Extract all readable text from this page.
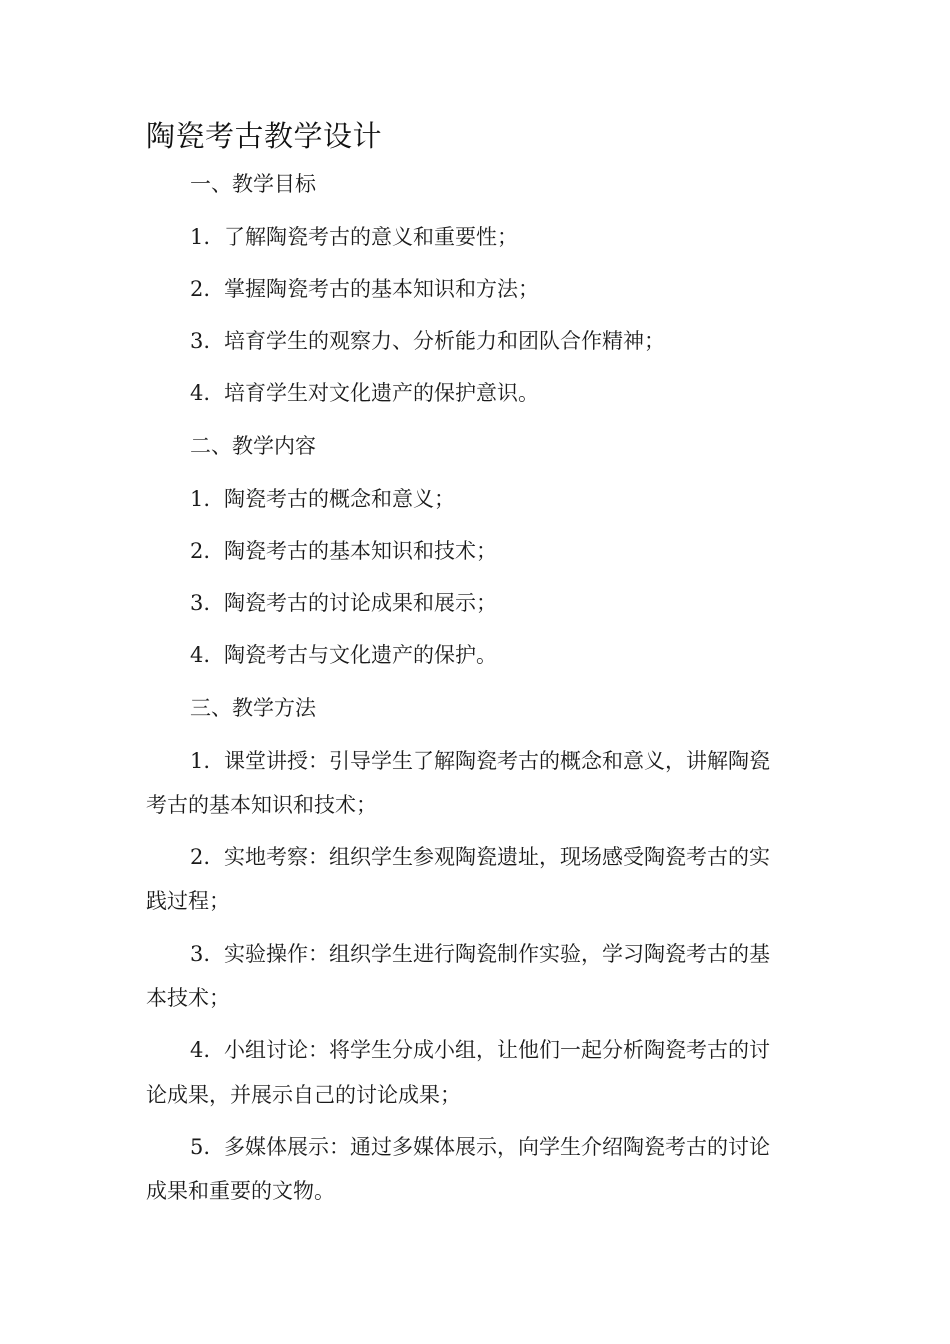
陶瓷考古教学设计
一、教学目标
1. 了解陶瓷考古的意义和重要性；
2. 掌握陶瓷考古的基本知识和方法；
3. 培育学生的观察力、分析能力和团队合作精神；
4. 培育学生对文化遗产的保护意识。
二、教学内容
1. 陶瓷考古的概念和意义；
2. 陶瓷考古的基本知识和技术；
3. 陶瓷考古的讨论成果和展示；
4. 陶瓷考古与文化遗产的保护。
三、教学方法
1. 课堂讲授：引导学生了解陶瓷考古的概念和意义，讲解陶瓷
考古的基本知识和技术；
2. 实地考察：组织学生参观陶瓷遗址，现场感受陶瓷考古的实
践过程；
3. 实验操作：组织学生进行陶瓷制作实验，学习陶瓷考古的基
本技术；
4. 小组讨论：将学生分成小组，让他们一起分析陶瓷考古的讨
论成果，并展示自己的讨论成果；
5. 多媒体展示：通过多媒体展示，向学生介绍陶瓷考古的讨论
成果和重要的文物。
